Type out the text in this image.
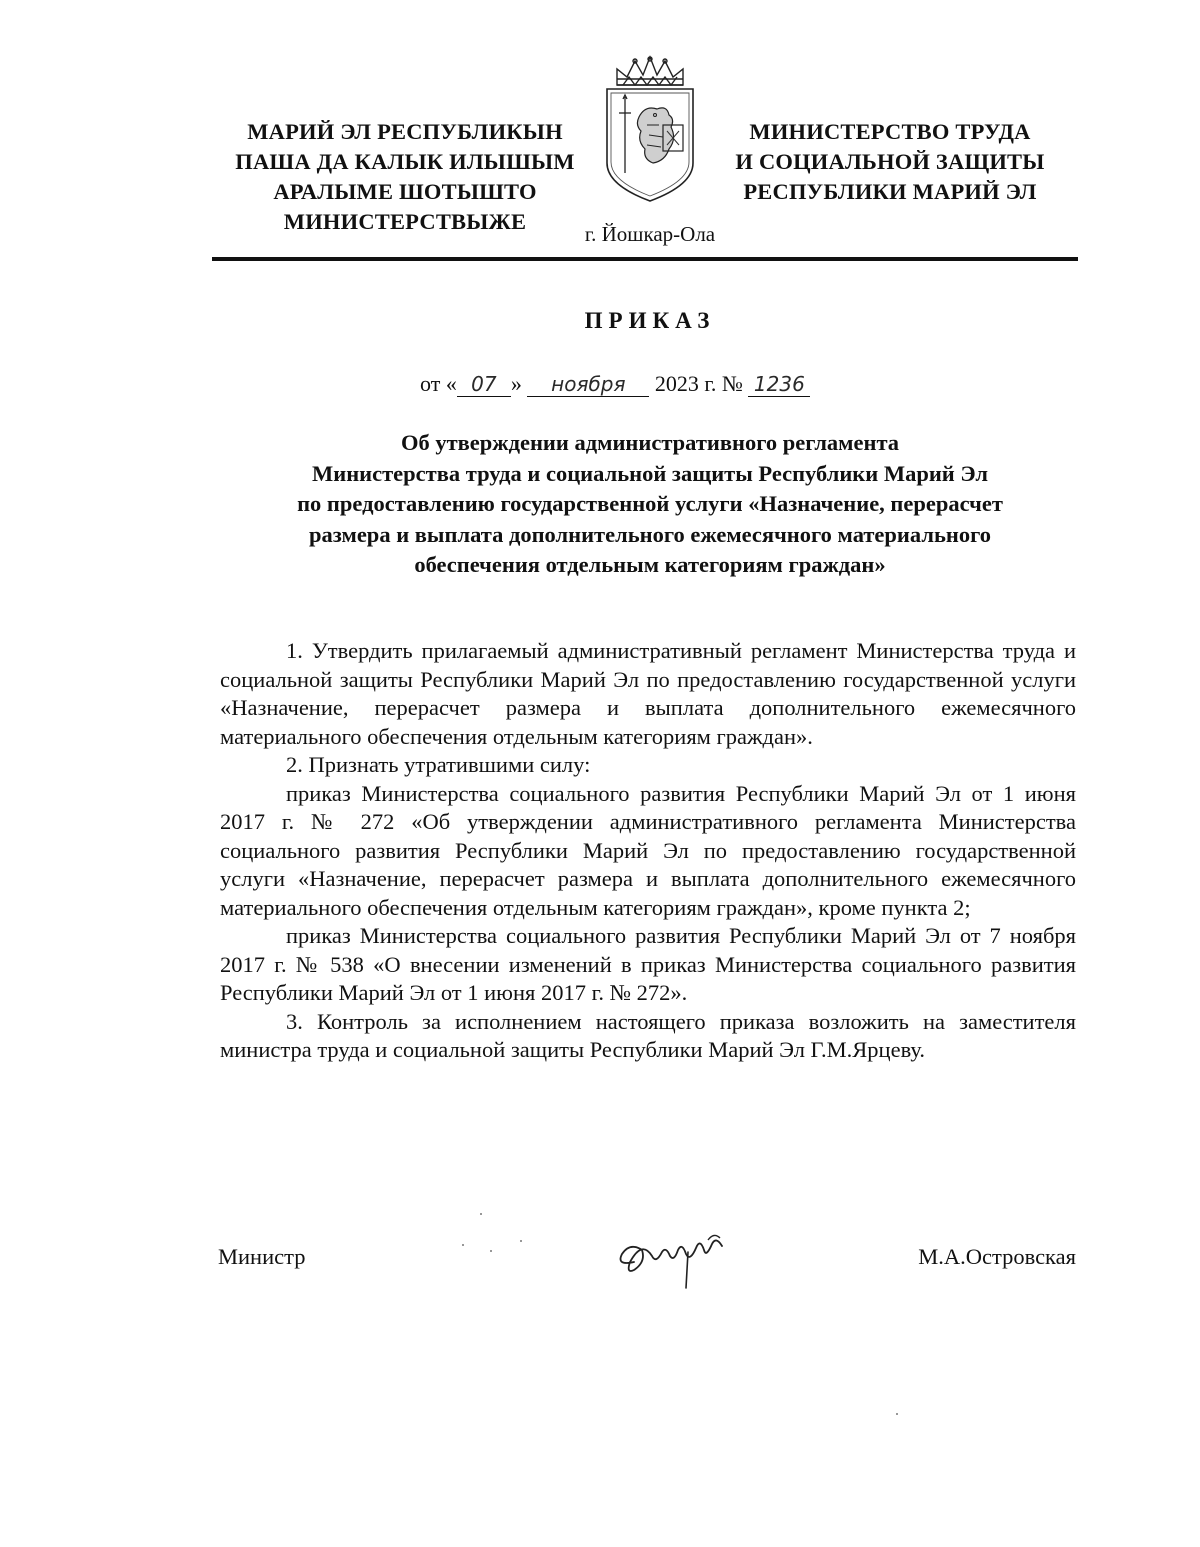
МАРИЙ ЭЛ РЕСПУБЛИКЫН
ПАША ДА КАЛЫК ИЛЫШЫМ
АРАЛЫМЕ ШОТЫШТО
МИНИСТЕРСТВЫЖЕ
МИНИСТЕРСТВО ТРУДА
И СОЦИАЛЬНОЙ ЗАЩИТЫ
РЕСПУБЛИКИ МАРИЙ ЭЛ
г. Йошкар-Ола
ПРИКАЗ
от « 07 » ноября 2023 г. № 1236
Об утверждении административного регламента
Министерства труда и социальной защиты Республики Марий Эл
по предоставлению государственной услуги «Назначение, перерасчет
размера и выплата дополнительного ежемесячного материального
обеспечения отдельным категориям граждан»

1. Утвердить прилагаемый административный регламент Министерства труда и социальной защиты Республики Марий Эл по предоставлению государственной услуги «Назначение, перерасчет размера и выплата дополнительного ежемесячного материального обеспечения отдельным категориям граждан».

2. Признать утратившими силу:

приказ Министерства социального развития Республики Марий Эл от 1 июня 2017 г. № 272 «Об утверждении административного регламента Министерства социального развития Республики Марий Эл по предоставлению государственной услуги «Назначение, перерасчет размера и выплата дополнительного ежемесячного материального обеспечения отдельным категориям граждан», кроме пункта 2;

приказ Министерства социального развития Республики Марий Эл от 7 ноября 2017 г. № 538 «О внесении изменений в приказ Министерства социального развития Республики Марий Эл от 1 июня 2017 г. № 272».

3. Контроль за исполнением настоящего приказа возложить на заместителя министра труда и социальной защиты Республики Марий Эл Г.М.Ярцеву.

Министр	М.А.Островская
